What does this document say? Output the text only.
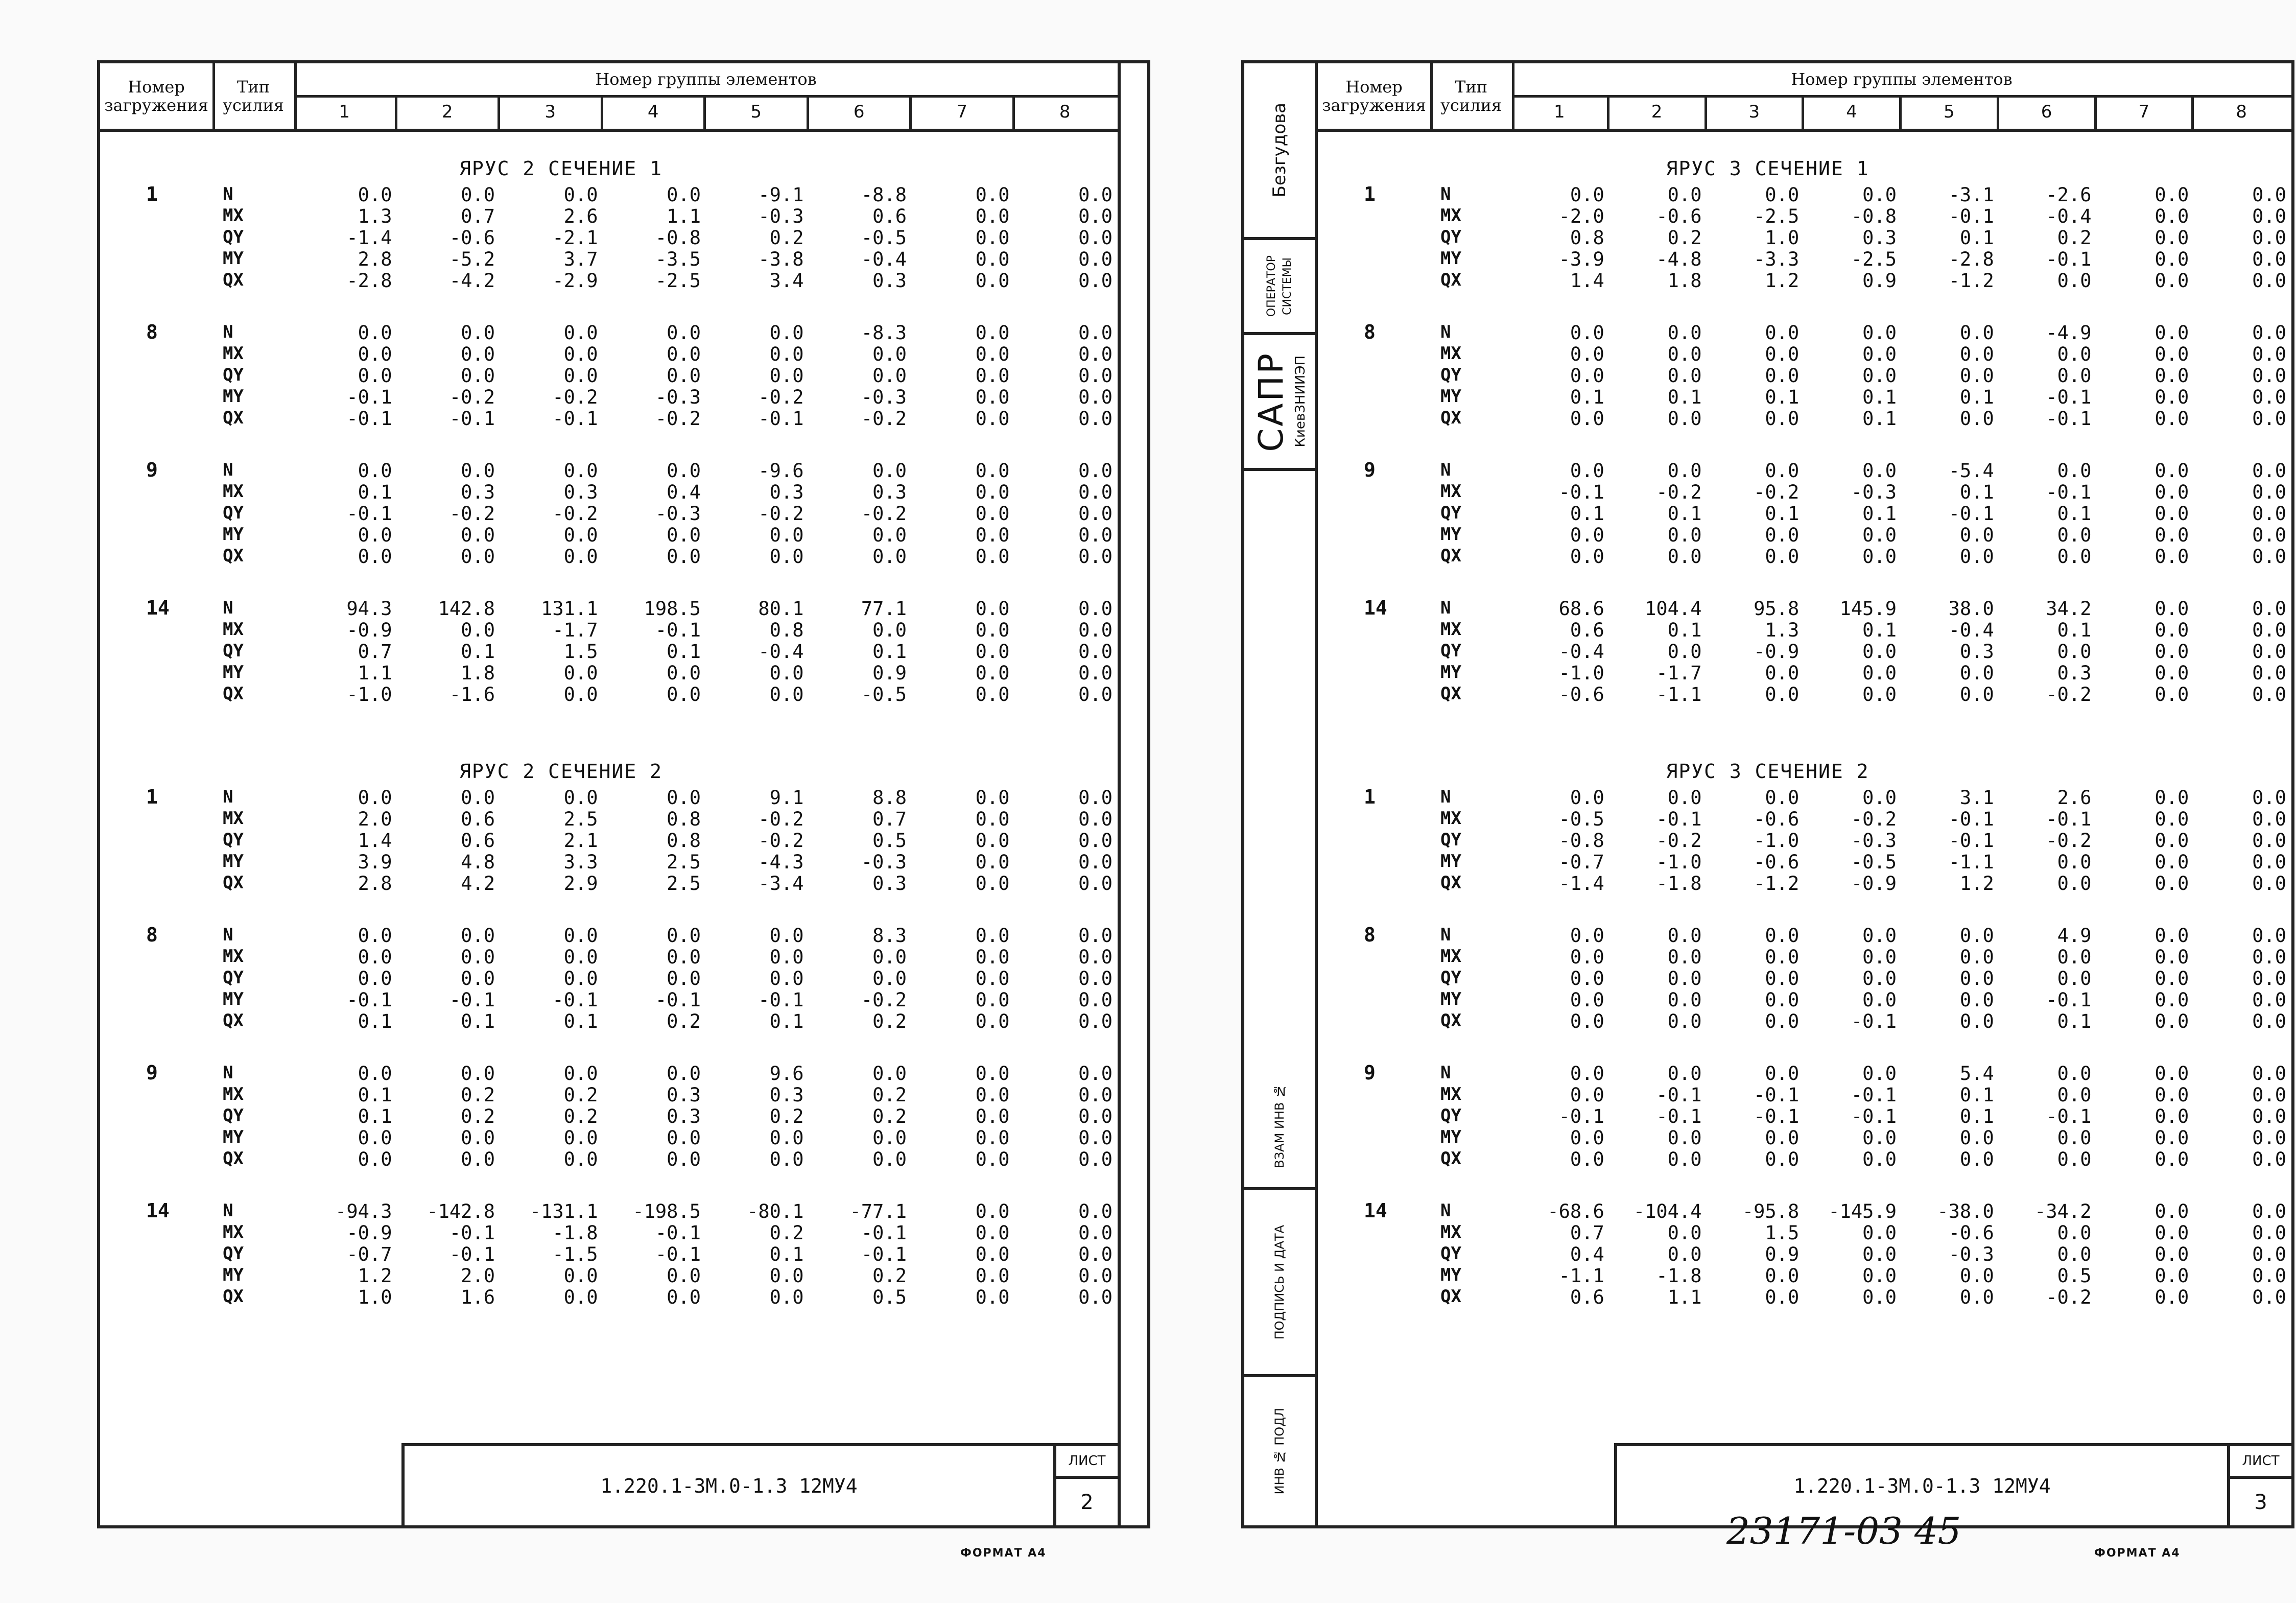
Номер
загружения
Тип
усилия
Номер группы элементов
1	2	3	4	5	6	7	8
ЯРУС 2 СЕЧЕНИЕ 1
1	N	0.0	0.0	0.0	0.0	-9.1	-8.8	0.0	0.0
MX	1.3	0.7	2.6	1.1	-0.3	0.6	0.0	0.0
QY	-1.4	-0.6	-2.1	-0.8	0.2	-0.5	0.0	0.0
MY	2.8	-5.2	3.7	-3.5	-3.8	-0.4	0.0	0.0
QX	-2.8	-4.2	-2.9	-2.5	3.4	0.3	0.0	0.0
8	N	0.0	0.0	0.0	0.0	0.0	-8.3	0.0	0.0
MX	0.0	0.0	0.0	0.0	0.0	0.0	0.0	0.0
QY	0.0	0.0	0.0	0.0	0.0	0.0	0.0	0.0
MY	-0.1	-0.2	-0.2	-0.3	-0.2	-0.3	0.0	0.0
QX	-0.1	-0.1	-0.1	-0.2	-0.1	-0.2	0.0	0.0
9	N	0.0	0.0	0.0	0.0	-9.6	0.0	0.0	0.0
MX	0.1	0.3	0.3	0.4	0.3	0.3	0.0	0.0
QY	-0.1	-0.2	-0.2	-0.3	-0.2	-0.2	0.0	0.0
MY	0.0	0.0	0.0	0.0	0.0	0.0	0.0	0.0
QX	0.0	0.0	0.0	0.0	0.0	0.0	0.0	0.0
14	N	94.3	142.8	131.1	198.5	80.1	77.1	0.0	0.0
MX	-0.9	0.0	-1.7	-0.1	0.8	0.0	0.0	0.0
QY	0.7	0.1	1.5	0.1	-0.4	0.1	0.0	0.0
MY	1.1	1.8	0.0	0.0	0.0	0.9	0.0	0.0
QX	-1.0	-1.6	0.0	0.0	0.0	-0.5	0.0	0.0
ЯРУС 2 СЕЧЕНИЕ 2
1	N	0.0	0.0	0.0	0.0	9.1	8.8	0.0	0.0
MX	2.0	0.6	2.5	0.8	-0.2	0.7	0.0	0.0
QY	1.4	0.6	2.1	0.8	-0.2	0.5	0.0	0.0
MY	3.9	4.8	3.3	2.5	-4.3	-0.3	0.0	0.0
QX	2.8	4.2	2.9	2.5	-3.4	0.3	0.0	0.0
8	N	0.0	0.0	0.0	0.0	0.0	8.3	0.0	0.0
MX	0.0	0.0	0.0	0.0	0.0	0.0	0.0	0.0
QY	0.0	0.0	0.0	0.0	0.0	0.0	0.0	0.0
MY	-0.1	-0.1	-0.1	-0.1	-0.1	-0.2	0.0	0.0
QX	0.1	0.1	0.1	0.2	0.1	0.2	0.0	0.0
9	N	0.0	0.0	0.0	0.0	9.6	0.0	0.0	0.0
MX	0.1	0.2	0.2	0.3	0.3	0.2	0.0	0.0
QY	0.1	0.2	0.2	0.3	0.2	0.2	0.0	0.0
MY	0.0	0.0	0.0	0.0	0.0	0.0	0.0	0.0
QX	0.0	0.0	0.0	0.0	0.0	0.0	0.0	0.0
14	N	-94.3	-142.8	-131.1	-198.5	-80.1	-77.1	0.0	0.0
MX	-0.9	-0.1	-1.8	-0.1	0.2	-0.1	0.0	0.0
QY	-0.7	-0.1	-1.5	-0.1	0.1	-0.1	0.0	0.0
MY	1.2	2.0	0.0	0.0	0.0	0.2	0.0	0.0
QX	1.0	1.6	0.0	0.0	0.0	0.5	0.0	0.0
1.220.1-3М.0-1.3 12МУ4
ЛИСТ
2
ФОРМАТ А4
Безгудова
ОПЕРАТОР СИСТЕМЫ
САПР КиевЗНИИЭП
ВЗАМ ИНВ №
ПОДПИСЬ И ДАТА
ИНВ № ПОДЛ
Номер
загружения
Тип
усилия
Номер группы элементов
1	2	3	4	5	6	7	8
ЯРУС 3 СЕЧЕНИЕ 1
1	N	0.0	0.0	0.0	0.0	-3.1	-2.6	0.0	0.0
MX	-2.0	-0.6	-2.5	-0.8	-0.1	-0.4	0.0	0.0
QY	0.8	0.2	1.0	0.3	0.1	0.2	0.0	0.0
MY	-3.9	-4.8	-3.3	-2.5	-2.8	-0.1	0.0	0.0
QX	1.4	1.8	1.2	0.9	-1.2	0.0	0.0	0.0
8	N	0.0	0.0	0.0	0.0	0.0	-4.9	0.0	0.0
MX	0.0	0.0	0.0	0.0	0.0	0.0	0.0	0.0
QY	0.0	0.0	0.0	0.0	0.0	0.0	0.0	0.0
MY	0.1	0.1	0.1	0.1	0.1	-0.1	0.0	0.0
QX	0.0	0.0	0.0	0.1	0.0	-0.1	0.0	0.0
9	N	0.0	0.0	0.0	0.0	-5.4	0.0	0.0	0.0
MX	-0.1	-0.2	-0.2	-0.3	0.1	-0.1	0.0	0.0
QY	0.1	0.1	0.1	0.1	-0.1	0.1	0.0	0.0
MY	0.0	0.0	0.0	0.0	0.0	0.0	0.0	0.0
QX	0.0	0.0	0.0	0.0	0.0	0.0	0.0	0.0
14	N	68.6	104.4	95.8	145.9	38.0	34.2	0.0	0.0
MX	0.6	0.1	1.3	0.1	-0.4	0.1	0.0	0.0
QY	-0.4	0.0	-0.9	0.0	0.3	0.0	0.0	0.0
MY	-1.0	-1.7	0.0	0.0	0.0	0.3	0.0	0.0
QX	-0.6	-1.1	0.0	0.0	0.0	-0.2	0.0	0.0
ЯРУС 3 СЕЧЕНИЕ 2
1	N	0.0	0.0	0.0	0.0	3.1	2.6	0.0	0.0
MX	-0.5	-0.1	-0.6	-0.2	-0.1	-0.1	0.0	0.0
QY	-0.8	-0.2	-1.0	-0.3	-0.1	-0.2	0.0	0.0
MY	-0.7	-1.0	-0.6	-0.5	-1.1	0.0	0.0	0.0
QX	-1.4	-1.8	-1.2	-0.9	1.2	0.0	0.0	0.0
8	N	0.0	0.0	0.0	0.0	0.0	4.9	0.0	0.0
MX	0.0	0.0	0.0	0.0	0.0	0.0	0.0	0.0
QY	0.0	0.0	0.0	0.0	0.0	0.0	0.0	0.0
MY	0.0	0.0	0.0	0.0	0.0	-0.1	0.0	0.0
QX	0.0	0.0	0.0	-0.1	0.0	0.1	0.0	0.0
9	N	0.0	0.0	0.0	0.0	5.4	0.0	0.0	0.0
MX	0.0	-0.1	-0.1	-0.1	0.1	0.0	0.0	0.0
QY	-0.1	-0.1	-0.1	-0.1	0.1	-0.1	0.0	0.0
MY	0.0	0.0	0.0	0.0	0.0	0.0	0.0	0.0
QX	0.0	0.0	0.0	0.0	0.0	0.0	0.0	0.0
14	N	-68.6	-104.4	-95.8	-145.9	-38.0	-34.2	0.0	0.0
MX	0.7	0.0	1.5	0.0	-0.6	0.0	0.0	0.0
QY	0.4	0.0	0.9	0.0	-0.3	0.0	0.0	0.0
MY	-1.1	-1.8	0.0	0.0	0.0	0.5	0.0	0.0
QX	0.6	1.1	0.0	0.0	0.0	-0.2	0.0	0.0
1.220.1-3М.0-1.3 12МУ4
ЛИСТ
3
23171-03 45
ФОРМАТ А4
